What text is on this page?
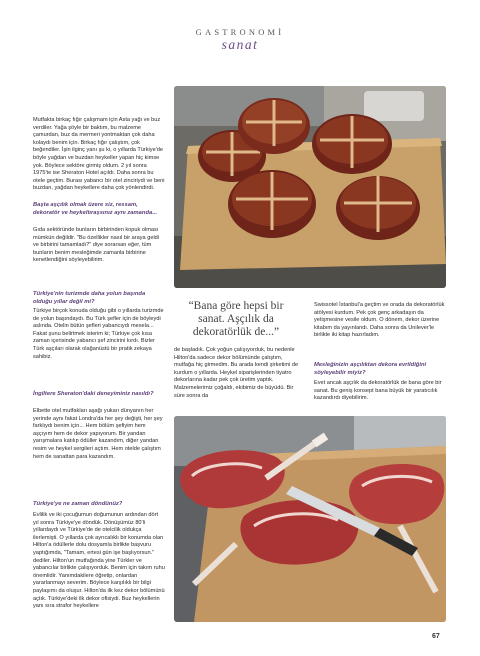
GASTRONOMİ
sanat
Mutfakta birkaç fığır çalışmam için Asta yağı ve buz verdiler. Yağa şöyle bir baktım, bu malzeme çamurdan, buz da mermeri yontmaktan çok daha kolaydı benim için. Birkaç fığır çalıştım, çok beğendiler. İşin ilginç yanı şu ki, o yıllarda Türkiye'de böyle yağdan ve buzdan heykeller yapan hiç kimse yok. Böylece sektöre girmiş oldum. 2 yıl sonra 1975'te ise Sheraton Hotel açıldı. Daha sonra bu otele geçtim. Burası yabancı bir otel zinciriydi ve beni buzdan, yağdan heykellere daha çok yönlendirdi.
Başta aşçılık olmak üzere siz, ressam, dekoratör ve heykeltıraşsınız aynı zamanda...
Gıda sektöründe bunların birbirinden kopuk olması mümkün değildir. "Bu özellikler nasıl bir araya geldi ve birbirini tamamladı?" diye sorarsan eğer, tüm bunların benim mesleğimde zamanla birbirine kenetlendiğini söyleyebilirim.
Türkiye'nin turizmde daha yolun başında olduğu yıllar değil mi?
Türkiye birçok konuda olduğu gibi o yıllarda turizmde de yolun başındaydı. Bu Türk şefler için de böyleydi aslında. Otelin bütün şefleri yabancıydı mesela... Fakat şunu belirtmek isterim ki; Türkiye çok kısa zaman içerisinde yabancı şef zincirini kırdı. Bizler Türk aşçıları olarak olağanüstü bir pratik zekaya sahibiz.
İngiltere Sheraton'daki deneyiminiz nasıldı?
Elbette otel mutfakları aşağı yukarı dünyanın her yerinde aynı fakat Londra'da her şey değişti, her şey farklıydı benim için... Hem bölüm şefiyim hem aşçıyım hem de dekor yapıyorum. Bir yandan yarışmalara katılıp ödüller kazandım, diğer yandan resim ve heykel sergileri açtım. Hem otelde çalıştım hem de sanattan para kazandım.
Türkiye'ye ne zaman döndünüz?
Evlilik ve iki çocuğumun doğumunun ardından dört yıl sonra Türkiye'ye döndük. Dönüşümüz 80'li yıllardaydı ve Türkiye'de de otelcilik oldukça ilerlemişti. O yıllarda çok ayrıcalıklı bir konumda olan Hilton'a ödüllerle dolu dosyamla birlikte başvuru yaptığımda, "Tamam, ertesi gün işe başlıyorsun." dediler. Hilton'un mutfağında yine Türkler ve yabancılar birlikte çalışıyorduk. Benim için takım ruhu önemlidir. Yanımdakilere öğretip, onlardan yararlanmayı severim. Böylece karşılıklı bir bilgi paylaşımı da oluşur. Hilton'da ilk kez dekor bölümünü açtık. Türkiye'deki ilk dekor ofisiydi. Buz heykellerin yanı sıra strafor heykellere
“Bana göre hepsi bir sanat. Aşçılık da dekoratörlük de...”
de başladık. Çok yoğun çalışıyorduk, bu nedenle Hilton'da sadece dekor bölümünde çalıştım, mutfağa hiç girmedim. Bu arada kendi şirketimi de kurdum o yıllarda. Heykel siparişlerinden tiyatro dekorlarına kadar pek çok üretim yaptık. Malzemelerimiz çoğaldı, ekibimiz de büyüdü. Bir süre sonra da
Swissotel İstanbul'a geçtim ve orada da dekoratörlük atölyesi kurdum. Pek çok genç arkadaşın da yetişmesine vesile oldum. O dönem, dekor üzerine kitabım da yayınlandı. Daha sonra da Unilever'le birlikte iki kitap hazırladım.
Mesleğinizin aşçılıktan dekora evrildiğini söyleyebilir miyiz?
Evet ancak aşçılık da dekoratörlük de bana göre bir sanat. Bu geniş konsept bana büyük bir yaratıcılık kazandırdı diyebilirim.
67
